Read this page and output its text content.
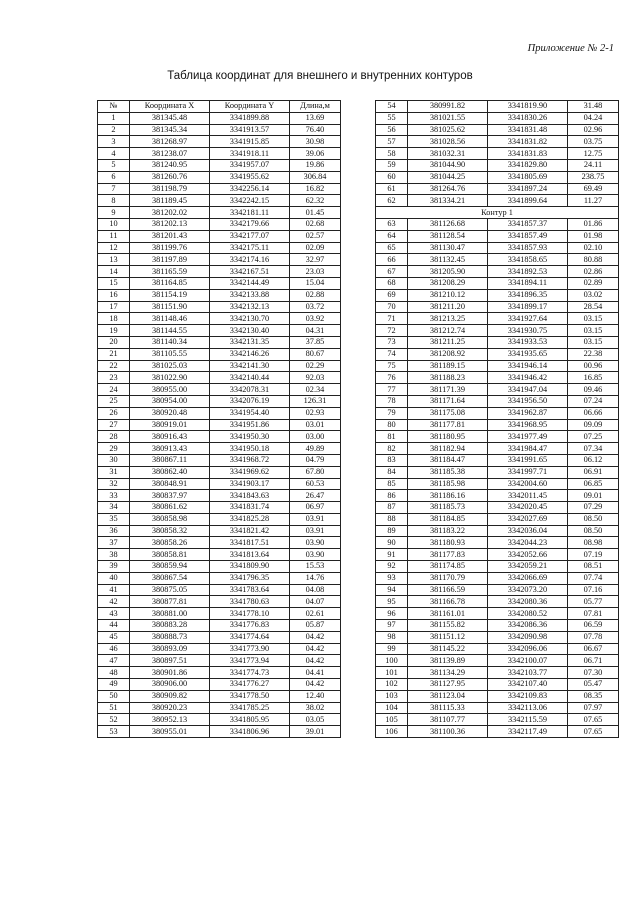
Приложение № 2-1
Таблица координат для внешнего и внутренних контуров
№	Координата X	Координата Y	Длина,м
1	381345.48	3341899.88	13.69
2	381345.34	3341913.57	76.40
3	381268.97	3341915.85	30.98
4	381238.07	3341918.11	39.06
5	381240.95	3341957.07	19.86
6	381260.76	3341955.62	306.84
7	381198.79	3342256.14	16.82
8	381189.45	3342242.15	62.32
9	381202.02	3342181.11	01.45
10	381202.13	3342179.66	02.68
11	381201.43	3342177.07	02.57
12	381199.76	3342175.11	02.09
13	381197.89	3342174.16	32.97
14	381165.59	3342167.51	23.03
15	381164.85	3342144.49	15.04
16	381154.19	3342133.88	02.88
17	381151.90	3342132.13	03.72
18	381148.46	3342130.70	03.92
19	381144.55	3342130.40	04.31
20	381140.34	3342131.35	37.85
21	381105.55	3342146.26	80.67
22	381025.03	3342141.30	02.29
23	381022.90	3342140.44	92.03
24	380955.00	3342078.31	02.34
25	380954.00	3342076.19	126.31
26	380920.48	3341954.40	02.93
27	380919.01	3341951.86	03.01
28	380916.43	3341950.30	03.00
29	380913.43	3341950.18	49.89
30	380867.11	3341968.72	04.79
31	380862.40	3341969.62	67.80
32	380848.91	3341903.17	60.53
33	380837.97	3341843.63	26.47
34	380861.62	3341831.74	06.97
35	380858.98	3341825.28	03.91
36	380858.32	3341821.42	03.91
37	380858.26	3341817.51	03.90
38	380858.81	3341813.64	03.90
39	380859.94	3341809.90	15.53
40	380867.54	3341796.35	14.76
41	380875.05	3341783.64	04.08
42	380877.81	3341780.63	04.07
43	380881.00	3341778.10	02.61
44	380883.28	3341776.83	05.87
45	380888.73	3341774.64	04.42
46	380893.09	3341773.90	04.42
47	380897.51	3341773.94	04.42
48	380901.86	3341774.73	04.41
49	380906.00	3341776.27	04.42
50	380909.82	3341778.50	12.40
51	380920.23	3341785.25	38.02
52	380952.13	3341805.95	03.05
53	380955.01	3341806.96	39.01
54	380991.82	3341819.90	31.48
55	381021.55	3341830.26	04.24
56	381025.62	3341831.48	02.96
57	381028.56	3341831.82	03.75
58	381032.31	3341831.83	12.75
59	381044.90	3341829.80	24.11
60	381044.25	3341805.69	238.75
61	381264.76	3341897.24	69.49
62	381334.21	3341899.64	11.27
Контур 1			
63	381126.68	3341857.37	01.86
64	381128.54	3341857.49	01.98
65	381130.47	3341857.93	02.10
66	381132.45	3341858.65	80.88
67	381205.90	3341892.53	02.86
68	381208.29	3341894.11	02.89
69	381210.12	3341896.35	03.02
70	381211.20	3341899.17	28.54
71	381213.25	3341927.64	03.15
72	381212.74	3341930.75	03.15
73	381211.25	3341933.53	03.15
74	381208.92	3341935.65	22.38
75	381189.15	3341946.14	00.96
76	381188.23	3341946.42	16.85
77	381171.39	3341947.04	09.46
78	381171.64	3341956.50	07.24
79	381175.08	3341962.87	06.66
80	381177.81	3341968.95	09.09
81	381180.95	3341977.49	07.25
82	381182.94	3341984.47	07.34
83	381184.47	3341991.65	06.12
84	381185.38	3341997.71	06.91
85	381185.98	3342004.60	06.85
86	381186.16	3342011.45	09.01
87	381185.73	3342020.45	07.29
88	381184.85	3342027.69	08.50
89	381183.22	3342036.04	08.50
90	381180.93	3342044.23	08.98
91	381177.83	3342052.66	07.19
92	381174.85	3342059.21	08.51
93	381170.79	3342066.69	07.74
94	381166.59	3342073.20	07.16
95	381166.78	3342080.36	05.77
96	381161.01	3342080.52	07.81
97	381155.82	3342086.36	06.59
98	381151.12	3342090.98	07.78
99	381145.22	3342096.06	06.67
100	381139.89	3342100.07	06.71
101	381134.29	3342103.77	07.30
102	381127.95	3342107.40	05.47
103	381123.04	3342109.83	08.35
104	381115.33	3342113.06	07.97
105	381107.77	3342115.59	07.65
106	381100.36	3342117.49	07.65
